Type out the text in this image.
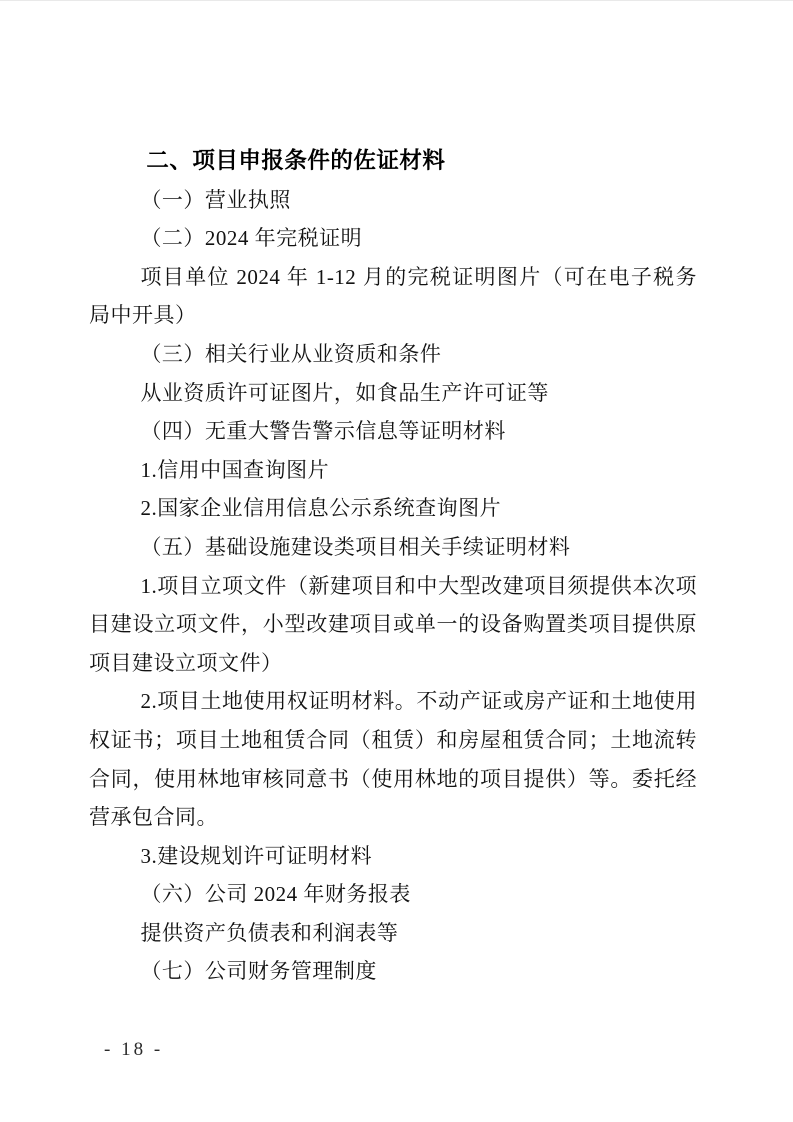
二、项目申报条件的佐证材料

（一）营业执照

（二）2024 年完税证明

项目单位 2024 年 1-12 月的完税证明图片（可在电子税务局中开具）

（三）相关行业从业资质和条件

从业资质许可证图片，如食品生产许可证等

（四）无重大警告警示信息等证明材料

1.信用中国查询图片

2.国家企业信用信息公示系统查询图片

（五）基础设施建设类项目相关手续证明材料

1.项目立项文件（新建项目和中大型改建项目须提供本次项目建设立项文件，小型改建项目或单一的设备购置类项目提供原项目建设立项文件）

2.项目土地使用权证明材料。不动产证或房产证和土地使用权证书；项目土地租赁合同（租赁）和房屋租赁合同；土地流转合同，使用林地审核同意书（使用林地的项目提供）等。委托经营承包合同。

3.建设规划许可证明材料

（六）公司 2024 年财务报表

提供资产负债表和利润表等

（七）公司财务管理制度

- 18 -
